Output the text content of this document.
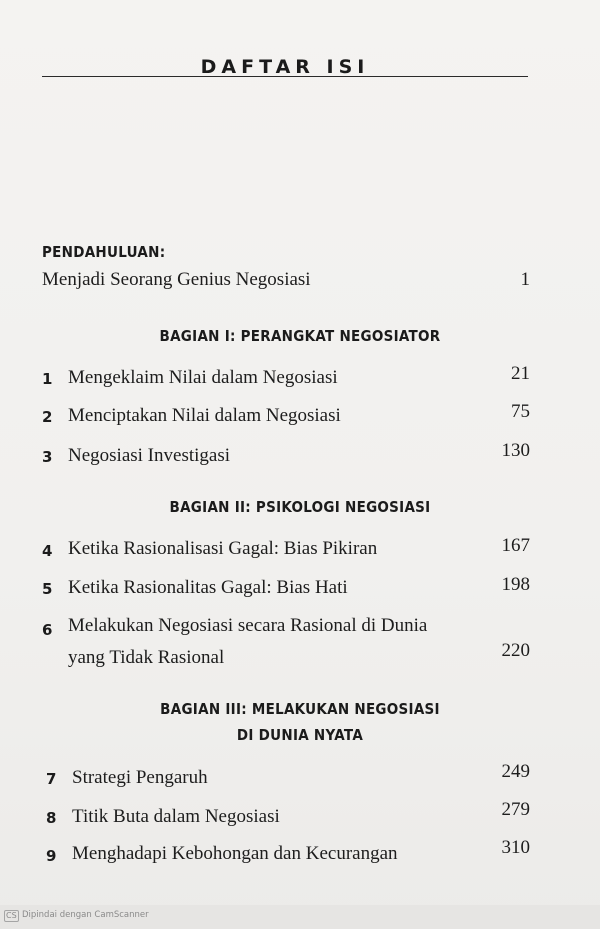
DAFTAR ISI
PENDAHULUAN:
Menjadi Seorang Genius Negosiasi	1
BAGIAN I: PERANGKAT NEGOSIATOR
1 Mengeklaim Nilai dalam Negosiasi	21
2 Menciptakan Nilai dalam Negosiasi	75
3 Negosiasi Investigasi	130
BAGIAN II: PSIKOLOGI NEGOSIASI
4 Ketika Rasionalisasi Gagal: Bias Pikiran	167
5 Ketika Rasionalitas Gagal: Bias Hati	198
6 Melakukan Negosiasi secara Rasional di Dunia
yang Tidak Rasional	220
BAGIAN III: MELAKUKAN NEGOSIASI
DI DUNIA NYATA
7 Strategi Pengaruh	249
8 Titik Buta dalam Negosiasi	279
9 Menghadapi Kebohongan dan Kecurangan	310
CS Dipindai dengan CamScanner
